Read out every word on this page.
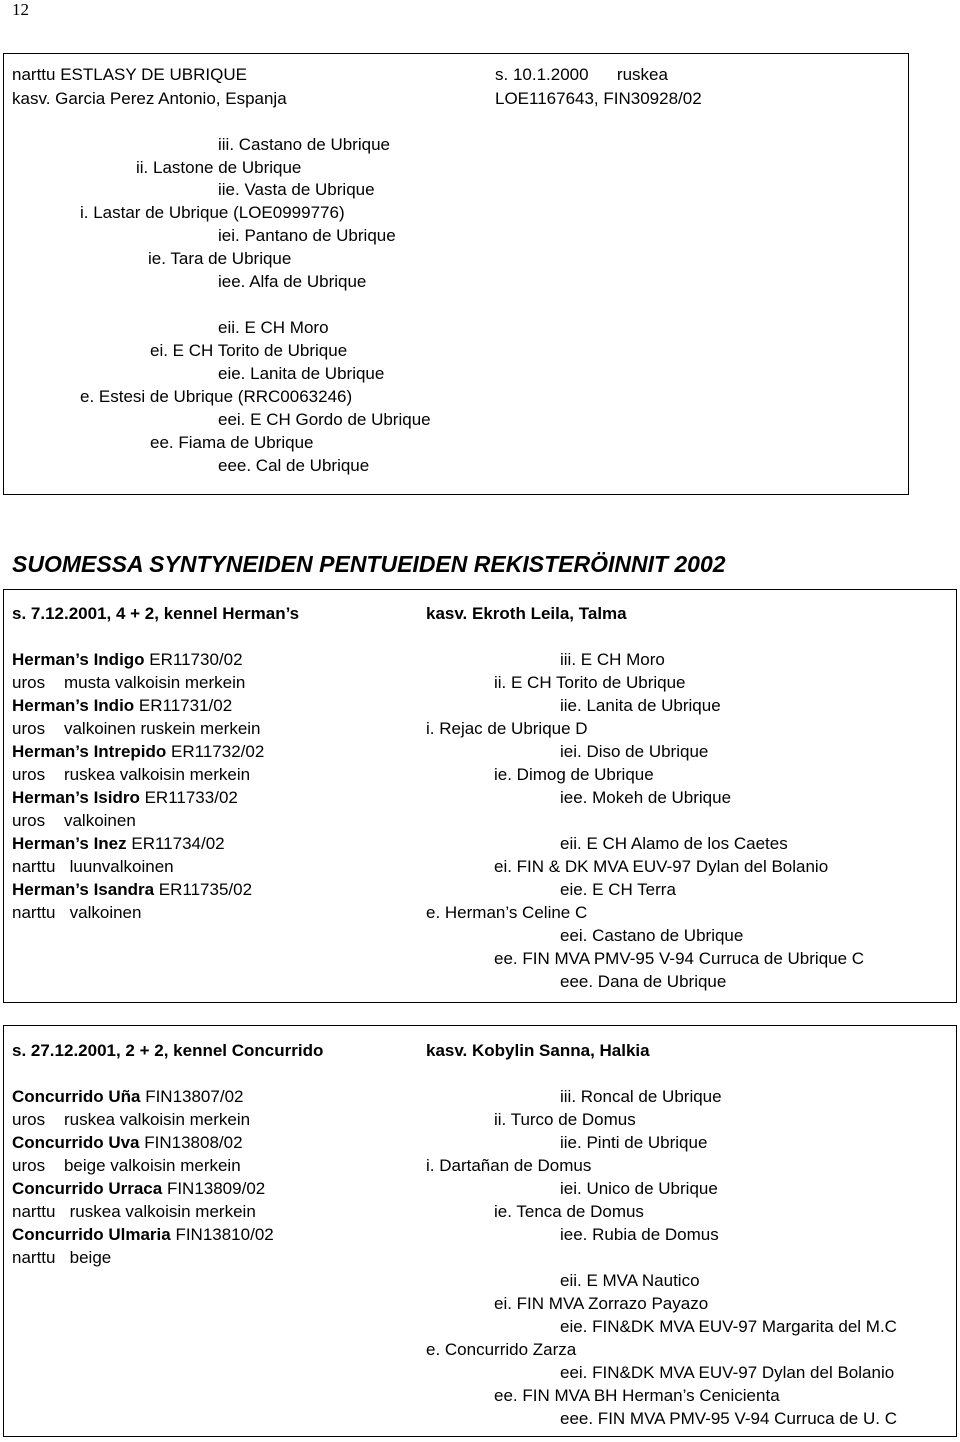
12
narttu ESTLASY DE UBRIQUE
kasv. Garcia Perez Antonio, Espanja
s. 10.1.2000      ruskea
LOE1167643, FIN30928/02
iii. Castano de Ubrique
ii. Lastone de Ubrique
iie. Vasta de Ubrique
i. Lastar de Ubrique (LOE0999776)
iei. Pantano de Ubrique
ie. Tara de Ubrique
iee. Alfa de Ubrique
eii. E CH Moro
ei. E CH Torito de Ubrique
eie. Lanita de Ubrique
e. Estesi de Ubrique (RRC0063246)
eei. E CH Gordo de Ubrique
ee. Fiama de Ubrique
eee. Cal de Ubrique
SUOMESSA SYNTYNEIDEN PENTUEIDEN REKISTERÖINNIT 2002
s. 7.12.2001, 4 + 2, kennel Herman’s	kasv. Ekroth Leila, Talma
Herman’s Indigo ER11730/02
uros    musta valkoisin merkein
Herman’s Indio ER11731/02
uros    valkoinen ruskein merkein
Herman’s Intrepido ER11732/02
uros    ruskea valkoisin merkein
Herman’s Isidro ER11733/02
uros    valkoinen
Herman’s Inez ER11734/02
narttu   luunvalkoinen
Herman’s Isandra ER11735/02
narttu   valkoinen
iii. E CH Moro
ii. E CH Torito de Ubrique
iie. Lanita de Ubrique
i. Rejac de Ubrique D
iei. Diso de Ubrique
ie. Dimog de Ubrique
iee. Mokeh de Ubrique
eii. E CH Alamo de los Caetes
ei. FIN & DK MVA EUV-97 Dylan del Bolanio
eie. E CH Terra
e. Herman’s Celine C
eei. Castano de Ubrique
ee. FIN MVA PMV-95 V-94 Curruca de Ubrique C
eee. Dana de Ubrique
s. 27.12.2001, 2 + 2, kennel Concurrido	kasv. Kobylin Sanna, Halkia
Concurrido Uña FIN13807/02
uros    ruskea valkoisin merkein
Concurrido Uva FIN13808/02
uros    beige valkoisin merkein
Concurrido Urraca FIN13809/02
narttu   ruskea valkoisin merkein
Concurrido Ulmaria FIN13810/02
narttu   beige
iii. Roncal de Ubrique
ii. Turco de Domus
iie. Pinti de Ubrique
i. Dartañan de Domus
iei. Unico de Ubrique
ie. Tenca de Domus
iee. Rubia de Domus
eii. E MVA Nautico
ei. FIN MVA Zorrazo Payazo
eie. FIN&DK MVA EUV-97 Margarita del M.C
e. Concurrido Zarza
eei. FIN&DK MVA EUV-97 Dylan del Bolanio
ee. FIN MVA BH Herman’s Cenicienta
eee. FIN MVA PMV-95 V-94 Curruca de U. C
